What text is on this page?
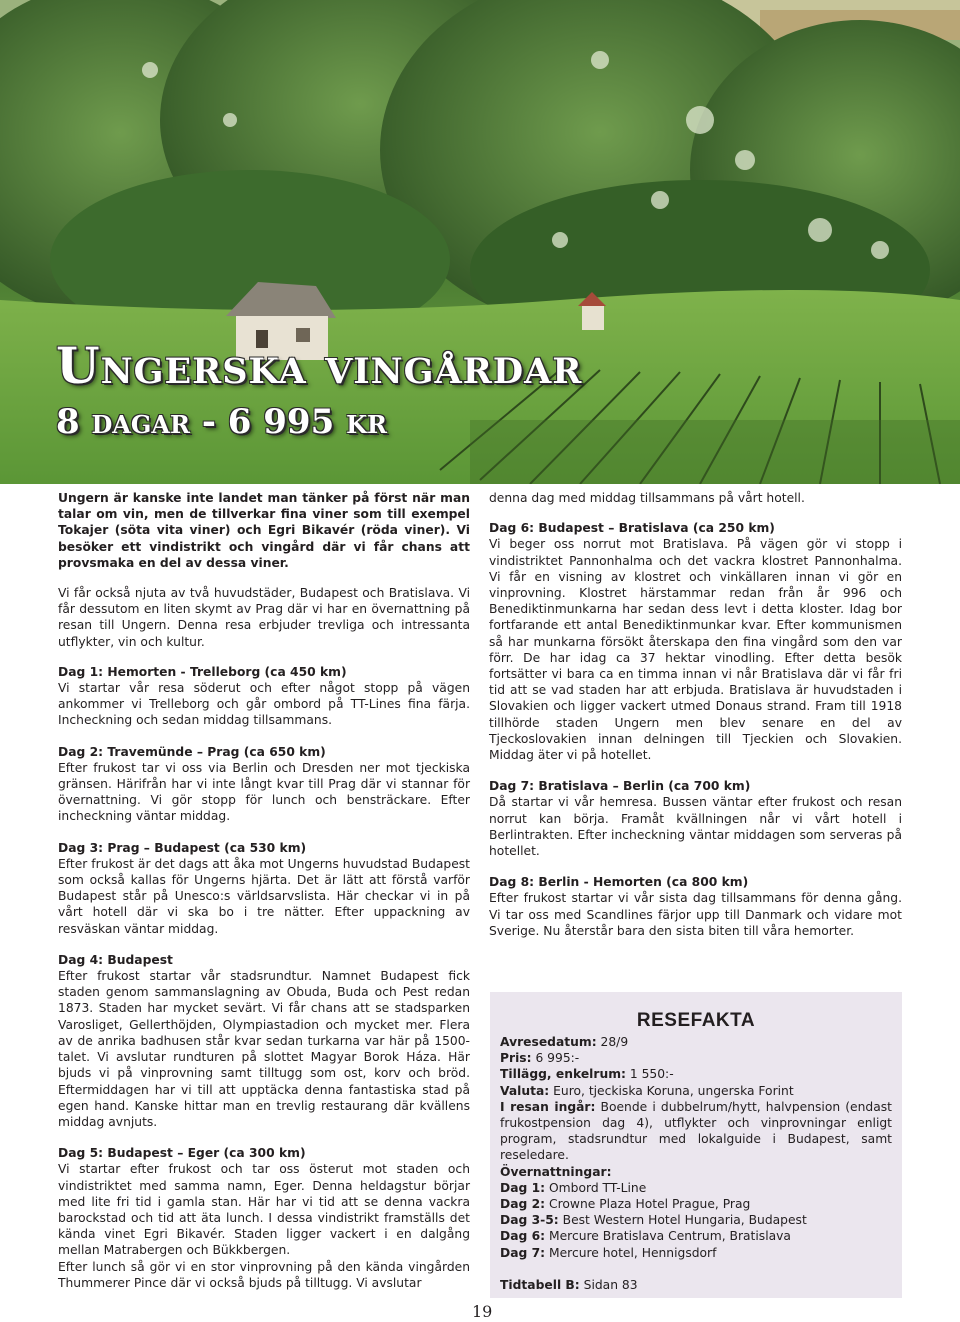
Ungerska vingårdar
8 dagar - 6 995 kr

Ungern är kanske inte landet man tänker på först när man talar om vin, men de tillverkar fina viner som till exempel Tokajer (söta vita viner) och Egri Bikavér (röda viner). Vi besöker ett vindistrikt och vingård där vi får chans att provsmaka en del av dessa viner.

Vi får också njuta av två huvudstäder, Budapest och Bratislava. Vi får dessutom en liten skymt av Prag där vi har en övernattning på resan till Ungern. Denna resa erbjuder trevliga och intressanta utflykter, vin och kultur.

Dag 1: Hemorten - Trelleborg (ca 450 km)

Vi startar vår resa söderut och efter något stopp på vägen ankommer vi Trelleborg och går ombord på TT-Lines fina färja. Incheckning och sedan middag tillsammans.

Dag 2: Travemünde – Prag (ca 650 km)

Efter frukost tar vi oss via Berlin och Dresden ner mot tjeckiska gränsen. Härifrån har vi inte långt kvar till Prag där vi stannar för övernattning. Vi gör stopp för lunch och bensträckare. Efter incheckning väntar middag.

Dag 3: Prag – Budapest (ca 530 km)

Efter frukost är det dags att åka mot Ungerns huvudstad Budapest som också kallas för Ungerns hjärta. Det är lätt att förstå varför Budapest står på Unesco:s världsarvslista. Här checkar vi in på vårt hotell där vi ska bo i tre nätter. Efter uppackning av resväskan väntar middag.

Dag 4: Budapest

Efter frukost startar vår stadsrundtur. Namnet Budapest fick staden genom sammanslagning av Obuda, Buda och Pest redan 1873. Staden har mycket sevärt. Vi får chans att se stadsparken Varosliget, Gellerthöjden, Olympiastadion och mycket mer. Flera av de anrika badhusen står kvar sedan turkarna var här på 1500-talet. Vi avslutar rundturen på slottet Magyar Borok Háza. Här bjuds vi på vinprovning samt tilltugg som ost, korv och bröd. Eftermiddagen har vi till att upptäcka denna fantastiska stad på egen hand. Kanske hittar man en trevlig restaurang där kvällens middag avnjuts.

Dag 5: Budapest – Eger (ca 300 km)

Vi startar efter frukost och tar oss österut mot staden och vindistriktet med samma namn, Eger. Denna heldagstur börjar med lite fri tid i gamla stan. Här har vi tid att se denna vackra barockstad och tid att äta lunch. I dessa vindistrikt framställs det kända vinet Egri Bikavér. Staden ligger vackert i en dalgång mellan Matrabergen och Bükkbergen.

Efter lunch så gör vi en stor vinprovning på den kända vingården Thummerer Pince där vi också bjuds på tilltugg. Vi avslutar

denna dag med middag tillsammans på vårt hotell.

Dag 6: Budapest – Bratislava (ca 250 km)

Vi beger oss norrut mot Bratislava. På vägen gör vi stopp i vindistriktet Pannonhalma och det vackra klostret Pannonhalma. Vi får en visning av klostret och vinkällaren innan vi gör en vinprovning. Klostret härstammar redan från år 996 och Benediktinmunkarna har sedan dess levt i detta kloster. Idag bor fortfarande ett antal Benediktinmunkar kvar. Efter kommunismen så har munkarna försökt återskapa den fina vingård som den var förr. De har idag ca 37 hektar vinodling. Efter detta besök fortsätter vi bara ca en timma innan vi når Bratislava där vi får fri tid att se vad staden har att erbjuda. Bratislava är huvudstaden i Slovakien och ligger vackert utmed Donaus strand. Fram till 1918 tillhörde staden Ungern men blev senare en del av Tjeckoslovakien innan delningen till Tjeckien och Slovakien. Middag äter vi på hotellet.

Dag 7: Bratislava – Berlin (ca 700 km)

Då startar vi vår hemresa. Bussen väntar efter frukost och resan norrut kan börja. Framåt kvällningen når vi vårt hotell i Berlintrakten. Efter incheckning väntar middagen som serveras på hotellet.

Dag 8: Berlin - Hemorten (ca 800 km)

Efter frukost startar vi vår sista dag tillsammans för denna gång. Vi tar oss med Scandlines färjor upp till Danmark och vidare mot Sverige. Nu återstår bara den sista biten till våra hemorter.

RESEFAKTA

Avresedatum: 28/9

Pris: 6 995:-

Tillägg, enkelrum: 1 550:-

Valuta: Euro, tjeckiska Koruna, ungerska Forint

I resan ingår: Boende i dubbelrum/hytt, halvpension (endast frukostpension dag 4), utflykter och vinprovningar enligt program, stadsrundtur med lokalguide i Budapest, samt reseledare.

Övernattningar:

Dag 1: Ombord TT-Line

Dag 2: Crowne Plaza Hotel Prague, Prag

Dag 3-5: Best Western Hotel Hungaria, Budapest

Dag 6: Mercure Bratislava Centrum, Bratislava

Dag 7: Mercure hotel, Hennigsdorf

Tidtabell B: Sidan 83

19
